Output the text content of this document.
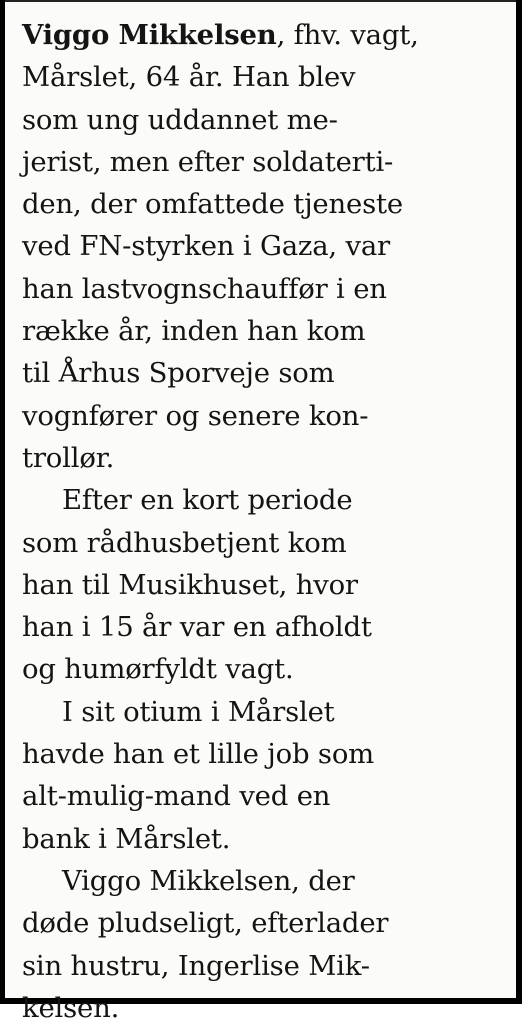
Viggo Mikkelsen, fhv. vagt,
Mårslet, 64 år. Han blev
som ung uddannet me-
jerist, men efter soldaterti-
den, der omfattede tjeneste
ved FN-styrken i Gaza, var
han lastvognschauffør i en
række år, inden han kom
til Århus Sporveje som
vognfører og senere kon-
trollør.
Efter en kort periode
som rådhusbetjent kom
han til Musikhuset, hvor
han i 15 år var en afholdt
og humørfyldt vagt.
I sit otium i Mårslet
havde han et lille job som
alt-mulig-mand ved en
bank i Mårslet.
Viggo Mikkelsen, der
døde pludseligt, efterlader
sin hustru, Ingerlise Mik-
kelsen.
